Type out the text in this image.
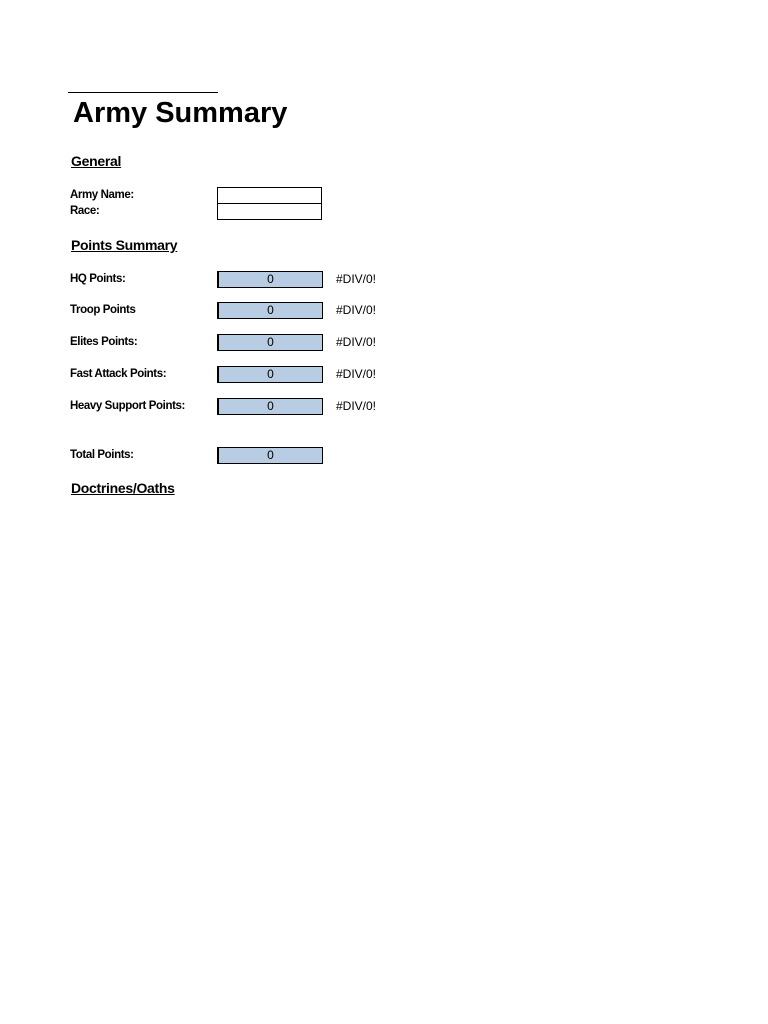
Army Summary
General
Army Name:
Race:
Points Summary
HQ Points:	0	#DIV/0!
Troop Points	0	#DIV/0!
Elites Points:	0	#DIV/0!
Fast Attack Points:	0	#DIV/0!
Heavy Support Points:	0	#DIV/0!
Total Points:	0
Doctrines/Oaths
